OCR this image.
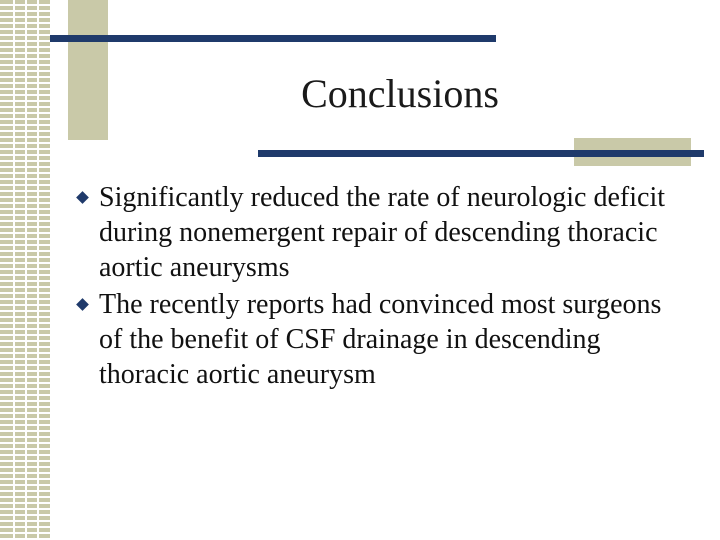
Conclusions
Significantly reduced the rate of neurologic deficit during nonemergent repair of descending thoracic aortic aneurysms
The recently reports had convinced most surgeons of the benefit of CSF drainage in descending thoracic aortic aneurysm
